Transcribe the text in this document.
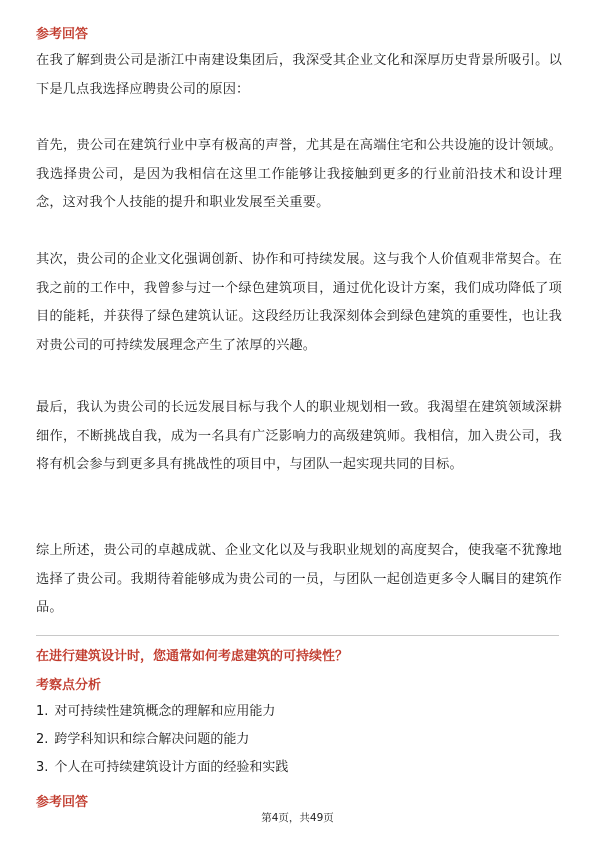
参考回答

在我了解到贵公司是浙江中南建设集团后，我深受其企业文化和深厚历史背景所吸引。以下是几点我选择应聘贵公司的原因：

首先，贵公司在建筑行业中享有极高的声誉，尤其是在高端住宅和公共设施的设计领域。我选择贵公司，是因为我相信在这里工作能够让我接触到更多的行业前沿技术和设计理念，这对我个人技能的提升和职业发展至关重要。

其次，贵公司的企业文化强调创新、协作和可持续发展。这与我个人价值观非常契合。在我之前的工作中，我曾参与过一个绿色建筑项目，通过优化设计方案，我们成功降低了项目的能耗，并获得了绿色建筑认证。这段经历让我深刻体会到绿色建筑的重要性，也让我对贵公司的可持续发展理念产生了浓厚的兴趣。

最后，我认为贵公司的长远发展目标与我个人的职业规划相一致。我渴望在建筑领域深耕细作，不断挑战自我，成为一名具有广泛影响力的高级建筑师。我相信，加入贵公司，我将有机会参与到更多具有挑战性的项目中，与团队一起实现共同的目标。

综上所述，贵公司的卓越成就、企业文化以及与我职业规划的高度契合，使我毫不犹豫地选择了贵公司。我期待着能够成为贵公司的一员，与团队一起创造更多令人瞩目的建筑作品。

在进行建筑设计时，您通常如何考虑建筑的可持续性？
考察点分析
1. 对可持续性建筑概念的理解和应用能力
2. 跨学科知识和综合解决问题的能力
3. 个人在可持续建筑设计方面的经验和实践
参考回答
第4页，共49页
